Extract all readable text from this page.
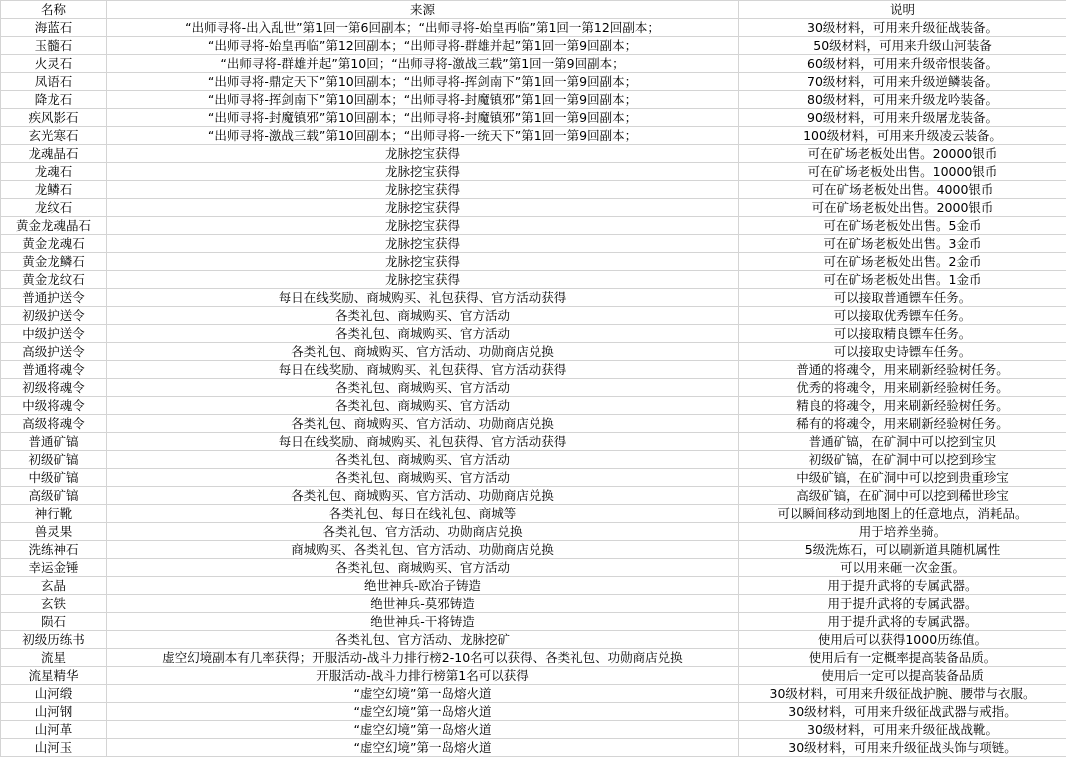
名称	来源	说明
海蓝石	“出师寻将-出入乱世”第1回一第6回副本；“出师寻将-始皇再临”第1回一第12回副本；	30级材料，可用来升级征战装备。
玉髓石	“出师寻将-始皇再临”第12回副本；“出师寻将-群雄并起”第1回一第9回副本；	50级材料，可用来升级山河装备
火灵石	“出师寻将-群雄并起”第10回；“出师寻将-激战三载”第1回一第9回副本；	60级材料，可用来升级帝恨装备。
凤语石	“出师寻将-鼎定天下”第10回副本；“出师寻将-挥剑南下”第1回一第9回副本；	70级材料，可用来升级逆鳞装备。
降龙石	“出师寻将-挥剑南下”第10回副本；“出师寻将-封魔镇邪”第1回一第9回副本；	80级材料，可用来升级龙吟装备。
疾风影石	“出师寻将-封魔镇邪”第10回副本；“出师寻将-封魔镇邪”第1回一第9回副本；	90级材料，可用来升级屠龙装备。
玄光寒石	“出师寻将-激战三载”第10回副本；“出师寻将-一统天下”第1回一第9回副本；	100级材料，可用来升级凌云装备。
龙魂晶石	龙脉挖宝获得	可在矿场老板处出售。20000银币
龙魂石	龙脉挖宝获得	可在矿场老板处出售。10000银币
龙鳞石	龙脉挖宝获得	可在矿场老板处出售。4000银币
龙纹石	龙脉挖宝获得	可在矿场老板处出售。2000银币
黄金龙魂晶石	龙脉挖宝获得	可在矿场老板处出售。5金币
黄金龙魂石	龙脉挖宝获得	可在矿场老板处出售。3金币
黄金龙鳞石	龙脉挖宝获得	可在矿场老板处出售。2金币
黄金龙纹石	龙脉挖宝获得	可在矿场老板处出售。1金币
普通护送令	每日在线奖励、商城购买、礼包获得、官方活动获得	可以接取普通镖车任务。
初级护送令	各类礼包、商城购买、官方活动	可以接取优秀镖车任务。
中级护送令	各类礼包、商城购买、官方活动	可以接取精良镖车任务。
高级护送令	各类礼包、商城购买、官方活动、功勋商店兑换	可以接取史诗镖车任务。
普通将魂令	每日在线奖励、商城购买、礼包获得、官方活动获得	普通的将魂令，用来刷新经验树任务。
初级将魂令	各类礼包、商城购买、官方活动	优秀的将魂令，用来刷新经验树任务。
中级将魂令	各类礼包、商城购买、官方活动	精良的将魂令，用来刷新经验树任务。
高级将魂令	各类礼包、商城购买、官方活动、功勋商店兑换	稀有的将魂令，用来刷新经验树任务。
普通矿镐	每日在线奖励、商城购买、礼包获得、官方活动获得	普通矿镐，在矿洞中可以挖到宝贝
初级矿镐	各类礼包、商城购买、官方活动	初级矿镐，在矿洞中可以挖到珍宝
中级矿镐	各类礼包、商城购买、官方活动	中级矿镐，在矿洞中可以挖到贵重珍宝
高级矿镐	各类礼包、商城购买、官方活动、功勋商店兑换	高级矿镐，在矿洞中可以挖到稀世珍宝
神行靴	各类礼包、每日在线礼包、商城等	可以瞬间移动到地图上的任意地点，消耗品。
兽灵果	各类礼包、官方活动、功勋商店兑换	用于培养坐骑。
洗练神石	商城购买、各类礼包、官方活动、功勋商店兑换	5级洗炼石，可以刷新道具随机属性
幸运金锤	各类礼包、商城购买、官方活动	可以用来砸一次金蛋。
玄晶	绝世神兵-欧冶子铸造	用于提升武将的专属武器。
玄铁	绝世神兵-莫邪铸造	用于提升武将的专属武器。
陨石	绝世神兵-干将铸造	用于提升武将的专属武器。
初级历练书	各类礼包、官方活动、龙脉挖矿	使用后可以获得1000历练值。
流星	虚空幻境副本有几率获得；开服活动-战斗力排行榜2-10名可以获得、各类礼包、功勋商店兑换	使用后有一定概率提高装备品质。
流星精华	开服活动-战斗力排行榜第1名可以获得	使用后一定可以提高装备品质
山河缎	“虚空幻境”第一岛熔火道	30级材料，可用来升级征战护腕、腰带与衣服。
山河钢	“虚空幻境”第一岛熔火道	30级材料，可用来升级征战武器与戒指。
山河革	“虚空幻境”第一岛熔火道	30级材料，可用来升级征战战靴。
山河玉	“虚空幻境”第一岛熔火道	30级材料，可用来升级征战头饰与项链。
